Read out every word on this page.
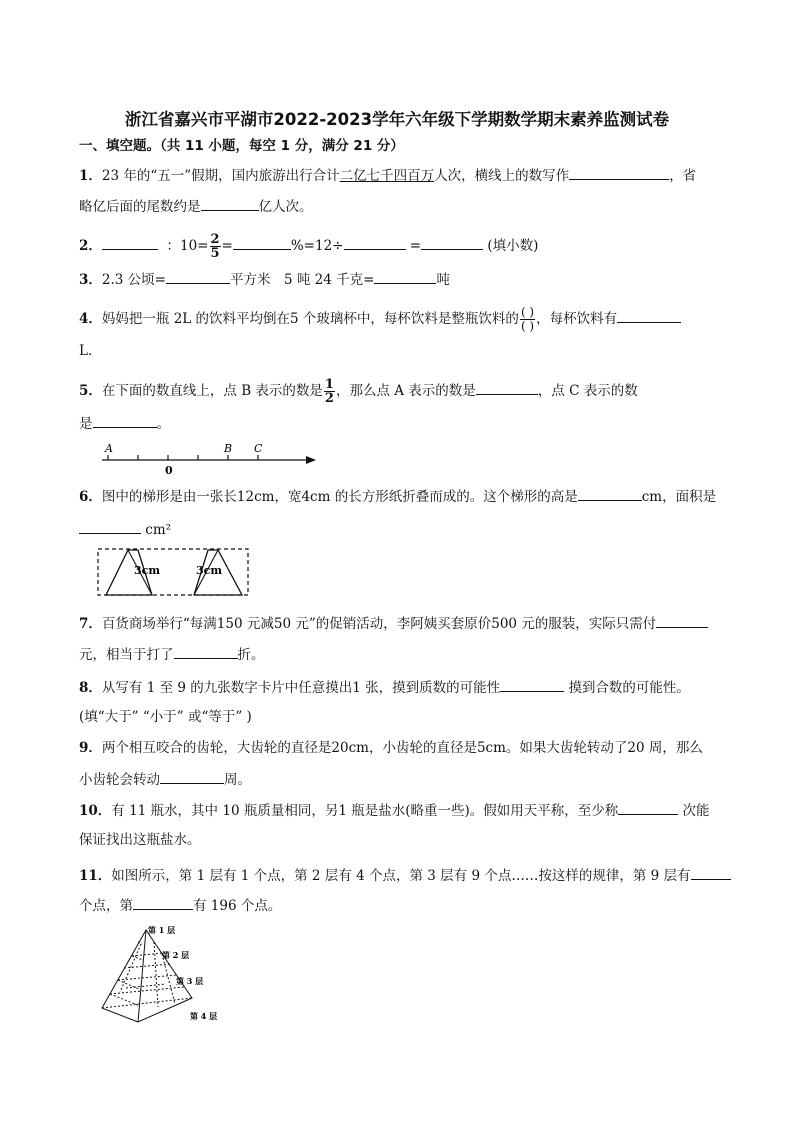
浙江省嘉兴市平湖市2022-2023学年六年级下学期数学期末素养监测试卷
一、填空题。（共 11 小题，每空 1 分，满分 21 分）
1．23 年的“五一”假期，国内旅游出行合计二亿七千四百万人次，横线上的数写作	，省
略亿后面的尾数约是	亿人次。
2．	：$10= \frac{2}{5}$ =	%=12÷	=	(填小数)
3．2.3 公顷=	平方米　5 吨 24 千克=	吨
4．妈妈把一瓶 2L 的饮料平均倒在5 个玻璃杯中，每杯饮料是整瓶饮料的 $\frac{( )}{( )}$ ，每杯饮料有
L．
5．在下面的数直线上，点 B 表示的数是 $\frac{1}{2}$ ，那么点 A 表示的数是	，点 C 表示的数
是	。
A
0
B C
6．图中的梯形是由一张长12cm，宽4cm 的长方形纸折叠而成的。这个梯形的高是	cm，面积是
cm²
3cm	3cm
7．百货商场举行“每满150 元减50 元”的促销活动，李阿姨买套原价500 元的服装，实际只需付
元，相当于打了	折。
8．从写有 1 至 9 的九张数字卡片中任意摸出1 张，摸到质数的可能性	摸到合数的可能性。
(填“大于” “小于” 或“等于” )
9．两个相互咬合的齿轮，大齿轮的直径是20cm，小齿轮的直径是5cm。如果大齿轮转动了20 周，那么
小齿轮会转动	周。
10．有 11 瓶水，其中 10 瓶质量相同，另1 瓶是盐水(略重一些)。假如用天平称，至少称	次能
保证找出这瓶盐水。
11．如图所示，第 1 层有 1 个点，第 2 层有 4 个点，第 3 层有 9 个点……按这样的规律，第 9 层有
个点，第	有 196 个点。
第 1 层
第 2 层
第 3 层
第 4 层
